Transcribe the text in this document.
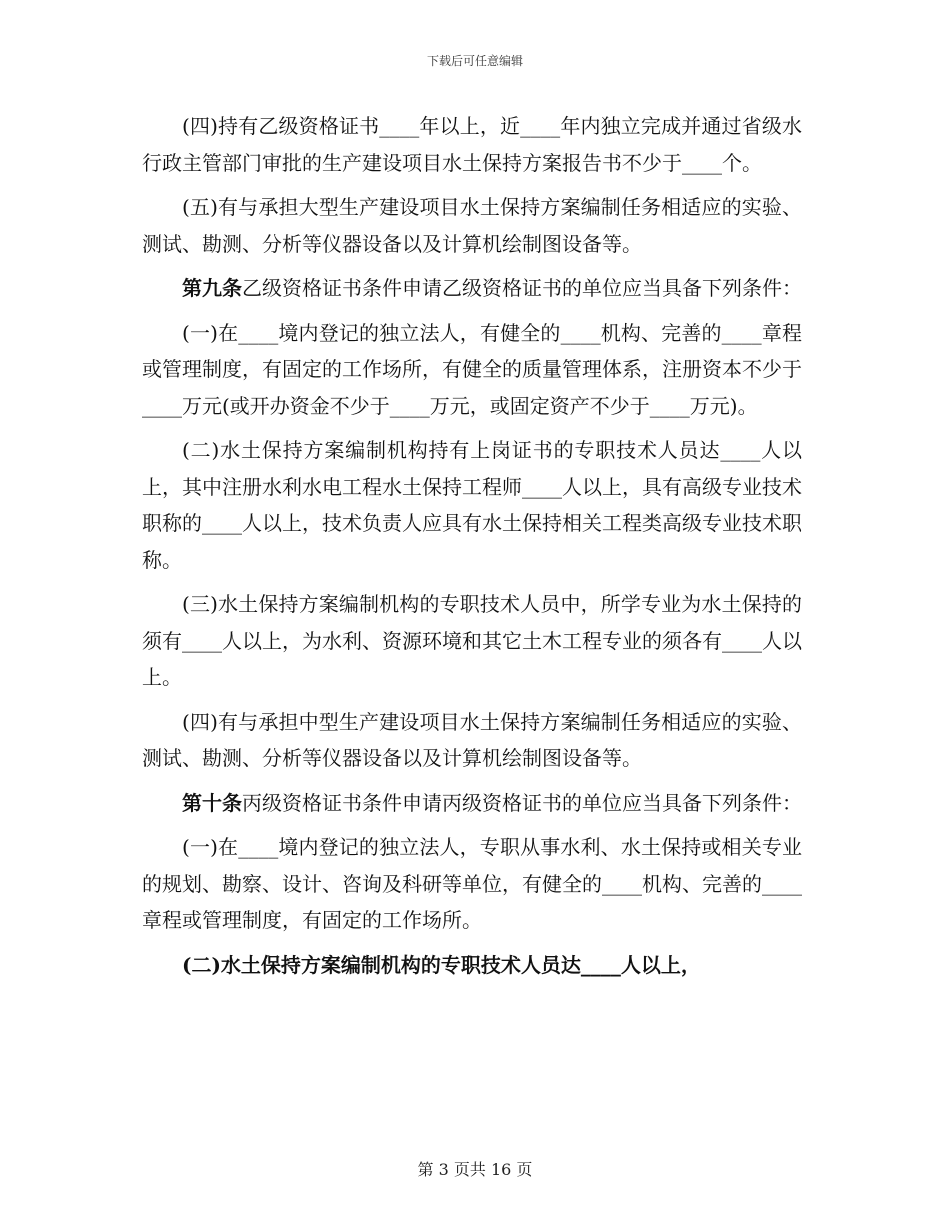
下载后可任意编辑

(四)持有乙级资格证书____年以上，近____年内独立完成并通过省级水行政主管部门审批的生产建设项目水土保持方案报告书不少于____个。

(五)有与承担大型生产建设项目水土保持方案编制任务相适应的实验、测试、勘测、分析等仪器设备以及计算机绘制图设备等。

第九条乙级资格证书条件申请乙级资格证书的单位应当具备下列条件：

(一)在____境内登记的独立法人，有健全的____机构、完善的____章程或管理制度，有固定的工作场所，有健全的质量管理体系，注册资本不少于____万元(或开办资金不少于____万元，或固定资产不少于____万元)。

(二)水土保持方案编制机构持有上岗证书的专职技术人员达____人以上，其中注册水利水电工程水土保持工程师____人以上，具有高级专业技术职称的____人以上，技术负责人应具有水土保持相关工程类高级专业技术职称。

(三)水土保持方案编制机构的专职技术人员中，所学专业为水土保持的须有____人以上，为水利、资源环境和其它土木工程专业的须各有____人以上。

(四)有与承担中型生产建设项目水土保持方案编制任务相适应的实验、测试、勘测、分析等仪器设备以及计算机绘制图设备等。

第十条丙级资格证书条件申请丙级资格证书的单位应当具备下列条件：

(一)在____境内登记的独立法人，专职从事水利、水土保持或相关专业的规划、勘察、设计、咨询及科研等单位，有健全的____机构、完善的____章程或管理制度，有固定的工作场所。

(二)水土保持方案编制机构的专职技术人员达____人以上，

第 3 页共 16 页
